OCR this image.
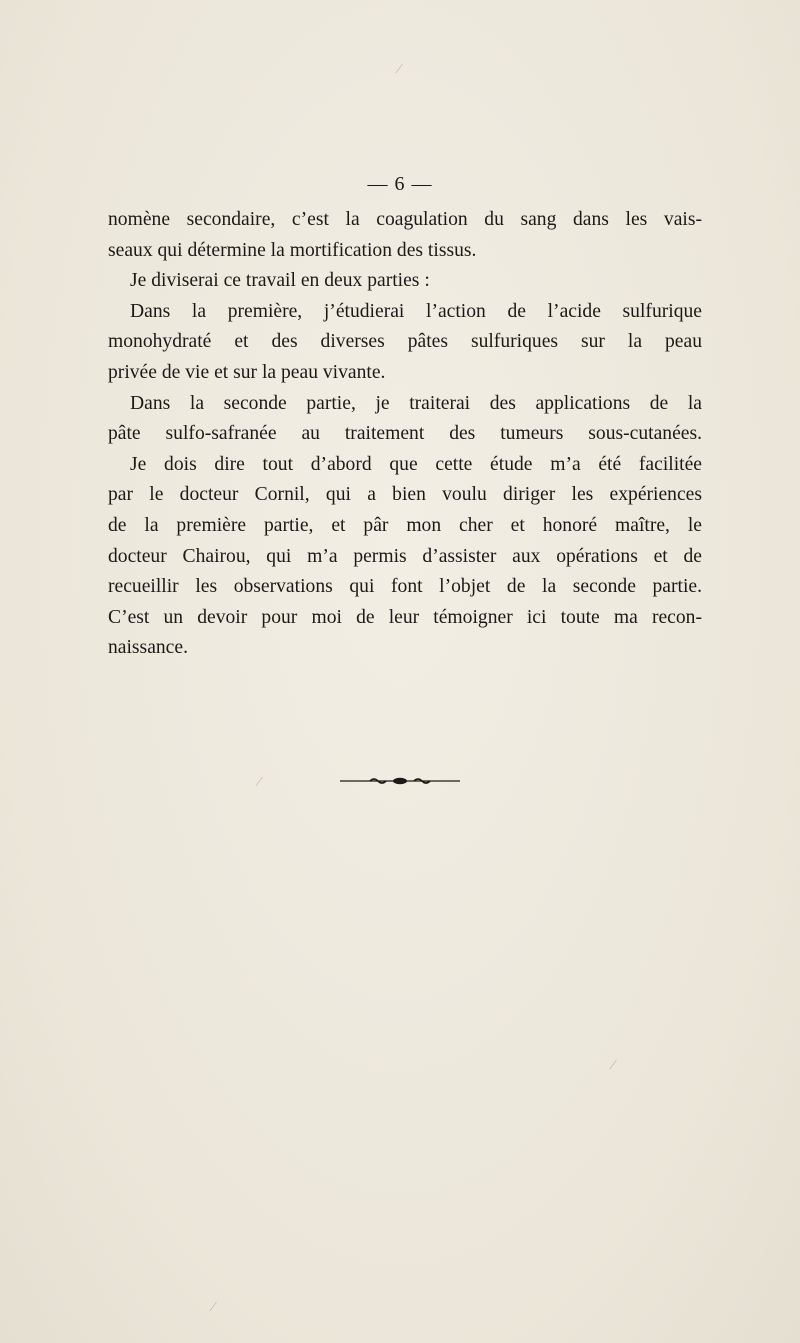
— 6 —
nomène secondaire, c’est la coagulation du sang dans les vais-
seaux qui détermine la mortification des tissus.
Je diviserai ce travail en deux parties :
Dans la première, j’étudierai l’action de l’acide sulfurique
monohydraté et des diverses pâtes sulfuriques sur la peau
privée de vie et sur la peau vivante.
Dans la seconde partie, je traiterai des applications de la
pâte sulfo-safranée au traitement des tumeurs sous-cutanées.
Je dois dire tout d’abord que cette étude m’a été facilitée
par le docteur Cornil, qui a bien voulu diriger les expériences
de la première partie, et pâr mon cher et honoré maître, le
docteur Chairou, qui m’a permis d’assister aux opérations et de
recueillir les observations qui font l’objet de la seconde partie.
C’est un devoir pour moi de leur témoigner ici toute ma recon-
naissance.
⁄
⁄
⁄
⁄
